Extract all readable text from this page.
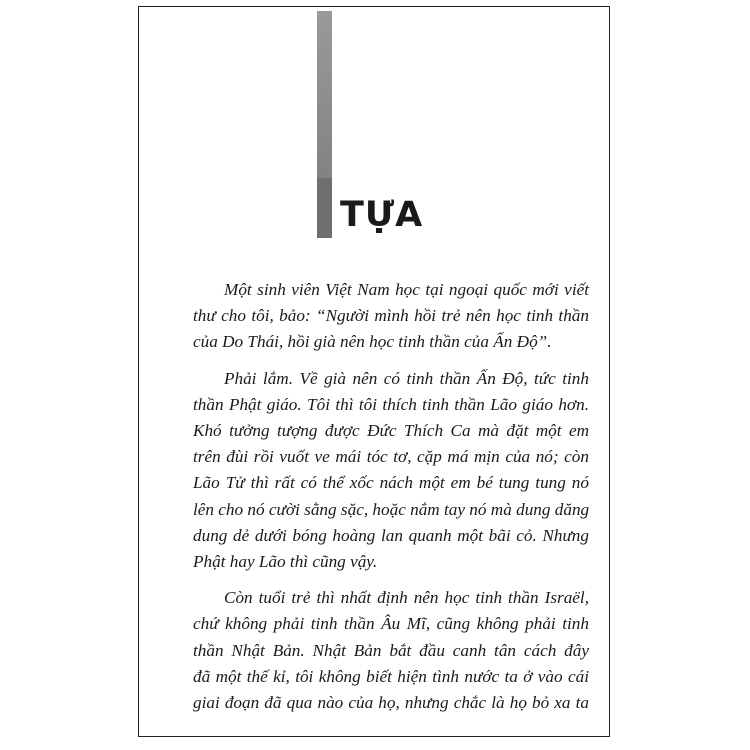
TỰA

Một sinh viên Việt Nam học tại ngoại quốc mới viết
thư cho tôi, bảo: “Người mình hồi trẻ nên học tinh thần
của Do Thái, hồi già nên học tinh thần của Ấn Độ”.

Phải lắm. Về già nên có tinh thần Ấn Độ, tức tinh
thần Phật giáo. Tôi thì tôi thích tinh thần Lão giáo hơn.
Khó tưởng tượng được Đức Thích Ca mà đặt một em
trên đùi rồi vuốt ve mái tóc tơ, cặp má mịn của nó; còn
Lão Tử thì rất có thể xốc nách một em bé tung tung nó
lên cho nó cười sằng sặc, hoặc nắm tay nó mà dung dăng
dung dẻ dưới bóng hoàng lan quanh một bãi cỏ. Nhưng
Phật hay Lão thì cũng vậy.

Còn tuổi trẻ thì nhất định nên học tinh thần Israël,
chứ không phải tinh thần Âu Mĩ, cũng không phải tinh
thần Nhật Bản. Nhật Bản bắt đầu canh tân cách đây
đã một thế kỉ, tôi không biết hiện tình nước ta ở vào cái
giai đoạn đã qua nào của họ, nhưng chắc là họ bỏ xa ta
